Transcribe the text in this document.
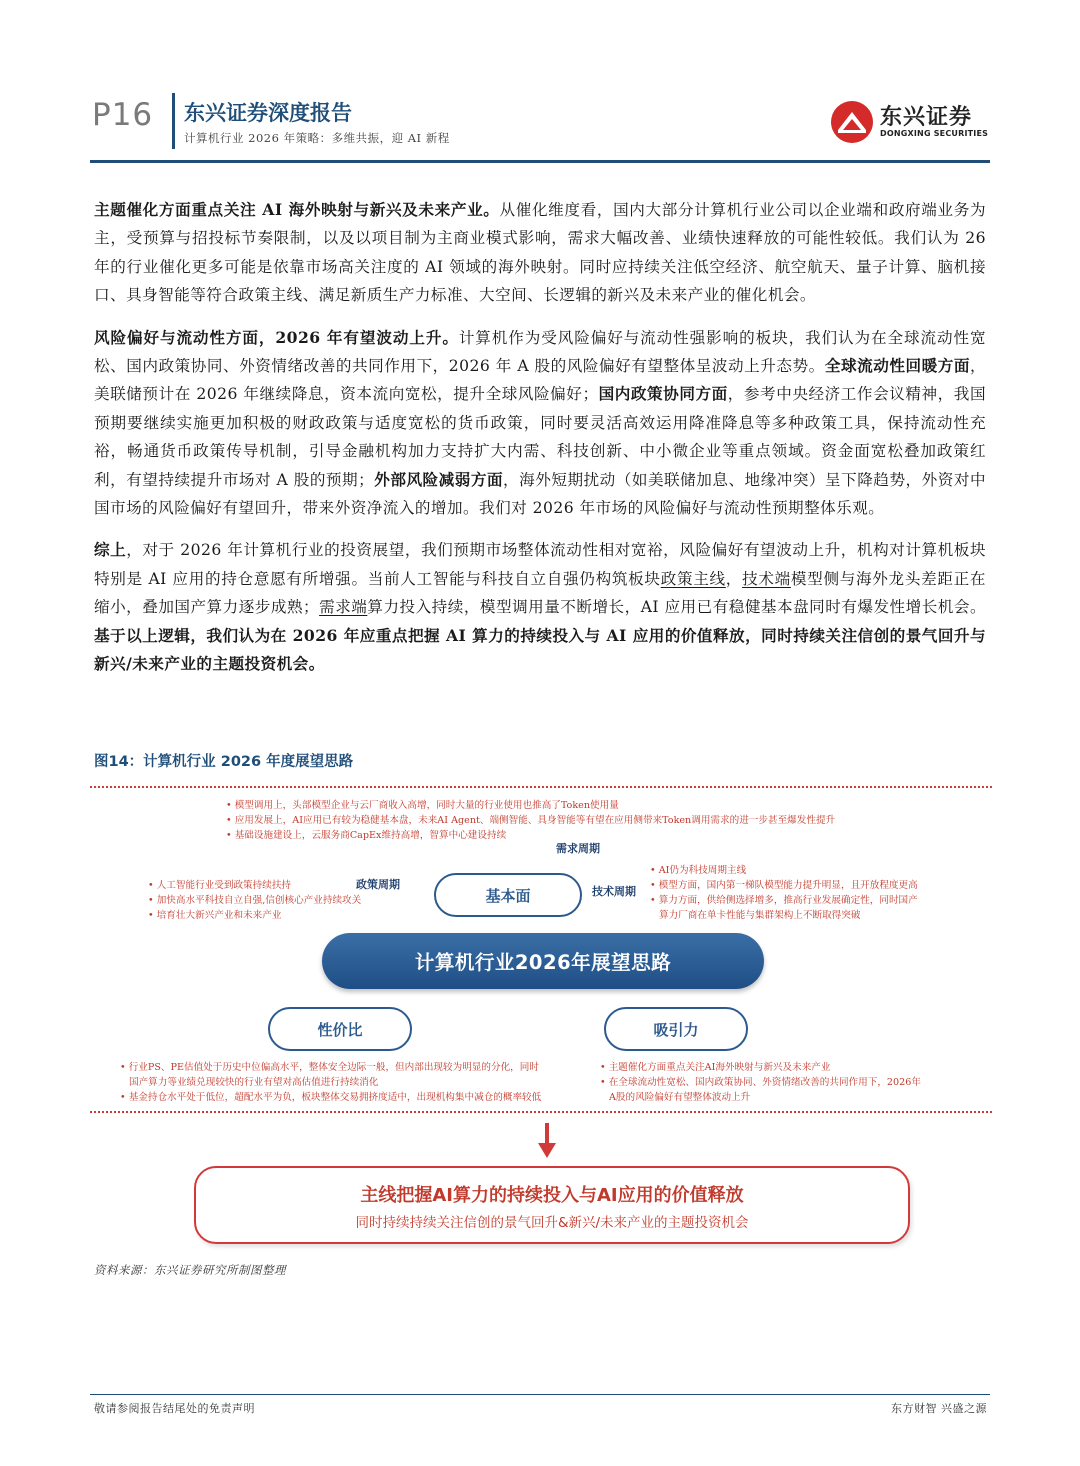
P16 东兴证券深度报告
计算机行业 2026 年策略：多维共振，迎 AI 新程
东兴证券
DONGXING SECURITIES

主题催化方面重点关注 AI 海外映射与新兴及未来产业。从催化维度看，国内大部分计算机行业公司以企业端和政府端业务为主，受预算与招投标节奏限制，以及以项目制为主商业模式影响，需求大幅改善、业绩快速释放的可能性较低。我们认为 26 年的行业催化更多可能是依靠市场高关注度的 AI 领域的海外映射。同时应持续关注低空经济、航空航天、量子计算、脑机接口、具身智能等符合政策主线、满足新质生产力标准、大空间、长逻辑的新兴及未来产业的催化机会。

风险偏好与流动性方面，2026 年有望波动上升。计算机作为受风险偏好与流动性强影响的板块，我们认为在全球流动性宽松、国内政策协同、外资情绪改善的共同作用下，2026 年 A 股的风险偏好有望整体呈波动上升态势。全球流动性回暖方面，美联储预计在 2026 年继续降息，资本流向宽松，提升全球风险偏好；国内政策协同方面，参考中央经济工作会议精神，我国预期要继续实施更加积极的财政政策与适度宽松的货币政策，同时要灵活高效运用降准降息等多种政策工具，保持流动性充裕，畅通货币政策传导机制，引导金融机构加力支持扩大内需、科技创新、中小微企业等重点领域。资金面宽松叠加政策红利，有望持续提升市场对 A 股的预期；外部风险减弱方面，海外短期扰动（如美联储加息、地缘冲突）呈下降趋势，外资对中国市场的风险偏好有望回升，带来外资净流入的增加。我们对 2026 年市场的风险偏好与流动性预期整体乐观。

综上，对于 2026 年计算机行业的投资展望，我们预期市场整体流动性相对宽裕，风险偏好有望波动上升，机构对计算机板块特别是 AI 应用的持仓意愿有所增强。当前人工智能与科技自立自强仍构筑板块政策主线，技术端模型侧与海外龙头差距正在缩小，叠加国产算力逐步成熟；需求端算力投入持续，模型调用量不断增长，AI 应用已有稳健基本盘同时有爆发性增长机会。基于以上逻辑，我们认为在 2026 年应重点把握 AI 算力的持续投入与 AI 应用的价值释放，同时持续关注信创的景气回升与新兴/未来产业的主题投资机会。

图14：计算机行业 2026 年度展望思路
• 模型调用上，头部模型企业与云厂商收入高增，同时大量的行业使用也推高了Token使用量
• 应用发展上，AI应用已有较为稳健基本盘，未来AI Agent、端侧智能、具身智能等有望在应用侧带来Token调用需求的进一步甚至爆发性提升
• 基础设施建设上，云服务商CapEx维持高增，智算中心建设持续
需求周期
政策周期
• 人工智能行业受到政策持续扶持
• 加快高水平科技自立自强,信创核心产业持续攻关
• 培育壮大新兴产业和未来产业
基本面	技术周期
• AI仍为科技周期主线
• 模型方面，国内第一梯队模型能力提升明显，且开放程度更高
• 算力方面，供给侧选择增多，推高行业发展确定性，同时国产
算力厂商在单卡性能与集群架构上不断取得突破
计算机行业2026年展望思路
性价比	吸引力
• 行业PS、PE估值处于历史中位偏高水平，整体安全边际一般，但内部出现较为明显的分化，同时
国产算力等业绩兑现较快的行业有望对高估值进行持续消化
• 基金持仓水平处于低位，超配水平为负，板块整体交易拥挤度适中，出现机构集中减仓的概率较低
• 主题催化方面重点关注AI海外映射与新兴及未来产业
• 在全球流动性宽松、国内政策协同、外资情绪改善的共同作用下，2026年
A股的风险偏好有望整体波动上升
主线把握AI算力的持续投入与AI应用的价值释放
同时持续持续关注信创的景气回升&新兴/未来产业的主题投资机会
资料来源：东兴证券研究所制图整理
敬请参阅报告结尾处的免责声明	东方财智 兴盛之源
